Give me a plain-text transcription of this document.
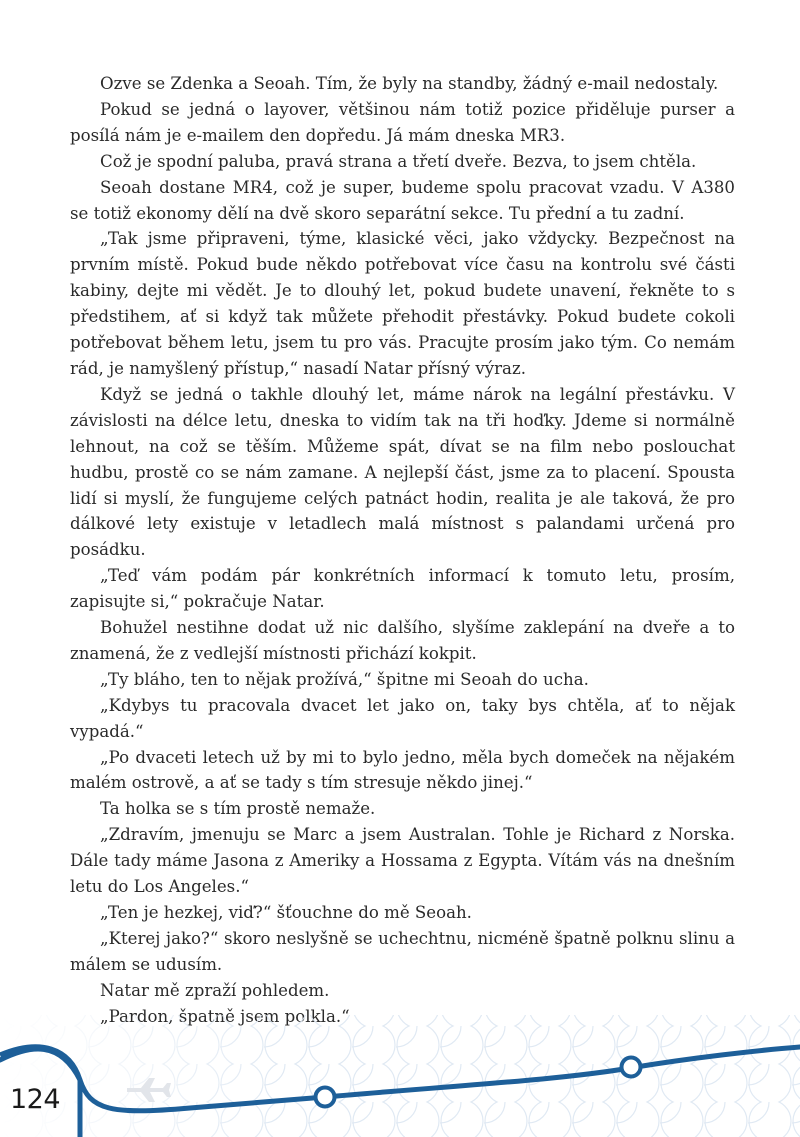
Ozve se Zdenka a Seoah. Tím, že byly na standby, žádný e-mail nedostaly.

Pokud se jedná o layover, většinou nám totiž pozice přiděluje purser a posílá nám je e-mailem den dopředu. Já mám dneska MR3.

Což je spodní paluba, pravá strana a třetí dveře. Bezva, to jsem chtěla.

Seoah dostane MR4, což je super, budeme spolu pracovat vzadu. V A380 se totiž ekonomy dělí na dvě skoro separátní sekce. Tu přední a tu zadní.

„Tak jsme připraveni, týme, klasické věci, jako vždycky. Bezpečnost na prvním místě. Pokud bude někdo potřebovat více času na kontrolu své části kabiny, dejte mi vědět. Je to dlouhý let, pokud budete unavení, řekněte to s předstihem, ať si když tak můžete přehodit přestávky. Pokud budete cokoli potřebovat během letu, jsem tu pro vás. Pracujte prosím jako tým. Co nemám rád, je namyšlený přístup,“ nasadí Natar přísný výraz.

Když se jedná o takhle dlouhý let, máme nárok na legální přestávku. V závislosti na délce letu, dneska to vidím tak na tři hoďky. Jdeme si normálně lehnout, na což se těším. Můžeme spát, dívat se na film nebo poslouchat hudbu, prostě co se nám zamane. A nejlepší část, jsme za to placení. Spousta lidí si myslí, že fungujeme celých patnáct hodin, realita je ale taková, že pro dálkové lety existuje v letadlech malá místnost s palandami určená pro posádku.

„Teď vám podám pár konkrétních informací k tomuto letu, prosím, zapisujte si,“ pokračuje Natar.

Bohužel nestihne dodat už nic dalšího, slyšíme zaklepání na dveře a to znamená, že z vedlejší místnosti přichází kokpit.

„Ty bláho, ten to nějak prožívá,“ špitne mi Seoah do ucha.

„Kdybys tu pracovala dvacet let jako on, taky bys chtěla, ať to nějak vypadá.“

„Po dvaceti letech už by mi to bylo jedno, měla bych domeček na nějakém malém ostrově, a ať se tady s tím stresuje někdo jinej.“

Ta holka se s tím prostě nemaže.

„Zdravím, jmenuju se Marc a jsem Australan. Tohle je Richard z Norska. Dále tady máme Jasona z Ameriky a Hossama z Egypta. Vítám vás na dnešním letu do Los Angeles.“

„Ten je hezkej, viď?“ šťouchne do mě Seoah.

„Kterej jako?“ skoro neslyšně se uchechtnu, nicméně špatně polknu slinu a málem se udusím.

Natar mě zpraží pohledem.

124
